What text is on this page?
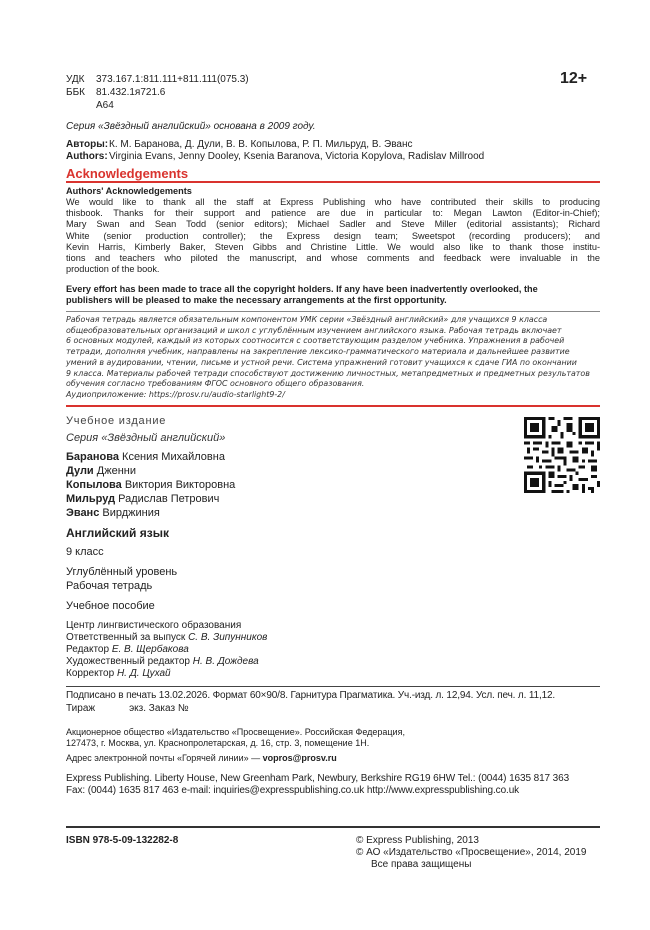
УДК 373.167.1:811.111+811.111(075.3)
ББК 81.432.1я721.6
А64
12+
Серия «Звёздный английский» основана в 2009 году.
Авторы:К. М. Баранова, Д. Дули, В. В. Копылова, Р. П. Мильруд, В. Эванс
Authors:Virginia Evans, Jenny Dooley, Ksenia Baranova, Victoria Kopylova, Radislav Millrood
Acknowledgements
Authors' Acknowledgements
We would like to thank all the staff at Express Publishing who have contributed their skills to producing
thisbook. Thanks for their support and patience are due in particular to: Megan Lawton (Editor-in-Chief);
Mary Swan and Sean Todd (senior editors); Michael Sadler and Steve Miller (editorial assistants); Richard
White (senior production controller); the Express design team; Sweetspot (recording producers); and
Kevin Harris, Kimberly Baker, Steven Gibbs and Christine Little. We would also like to thank those institu-
tions and teachers who piloted the manuscript, and whose comments and feedback were invaluable in the
production of the book.
Every effort has been made to trace all the copyright holders. If any have been inadvertently overlooked, the
publishers will be pleased to make the necessary arrangements at the first opportunity.
Рабочая тетрадь является обязательным компонентом УМК серии «Звёздный английский» для учащихся 9 класса
общеобразовательных организаций и школ с углублённым изучением английского языка. Рабочая тетрадь включает
6 основных модулей, каждый из которых соотносится с соответствующим разделом учебника. Упражнения в рабочей
тетради, дополняя учебник, направлены на закрепление лексико-грамматического материала и дальнейшее развитие
умений в аудировании, чтении, письме и устной речи. Система упражнений готовит учащихся к сдаче ГИА по окончании
9 класса. Материалы рабочей тетради способствуют достижению личностных, метапредметных и предметных результатов
обучения согласно требованиям ФГОС основного общего образования.
Аудиоприложение: https://prosv.ru/audio-starlight9-2/
Учебное издание
Серия «Звёздный английский»
Баранова Ксения Михайловна
Дули Дженни
Копылова Виктория Викторовна
Мильруд Радислав Петрович
Эванс Вирджиния
Английский язык
9 класс
Углублённый уровень
Рабочая тетрадь
Учебное пособие
Центр лингвистического образования
Ответственный за выпуск С. В. Зипунников
Редактор Е. В. Щербакова
Художественный редактор Н. В. Дождева
Корректор Н. Д. Цухай
Подписано в печать 13.02.2026. Формат 60×90/8. Гарнитура Прагматика. Уч.-изд. л. 12,94. Усл. печ. л. 11,12.
Тираж	экз. Заказ №
Акционерное общество «Издательство «Просвещение». Российская Федерация,
127473, г. Москва, ул. Краснопролетарская, д. 16, стр. 3, помещение 1Н.
Адрес электронной почты «Горячей линии» — vopros@prosv.ru
Express Publishing. Liberty House, New Greenham Park, Newbury, Berkshire RG19 6HW Tel.: (0044) 1635 817 363
Fax: (0044) 1635 817 463 e-mail: inquiries@expresspublishing.co.uk http://www.expresspublishing.co.uk
ISBN 978-5-09-132282-8	© Express Publishing, 2013
© АО «Издательство «Просвещение», 2014, 2019
Все права защищены
